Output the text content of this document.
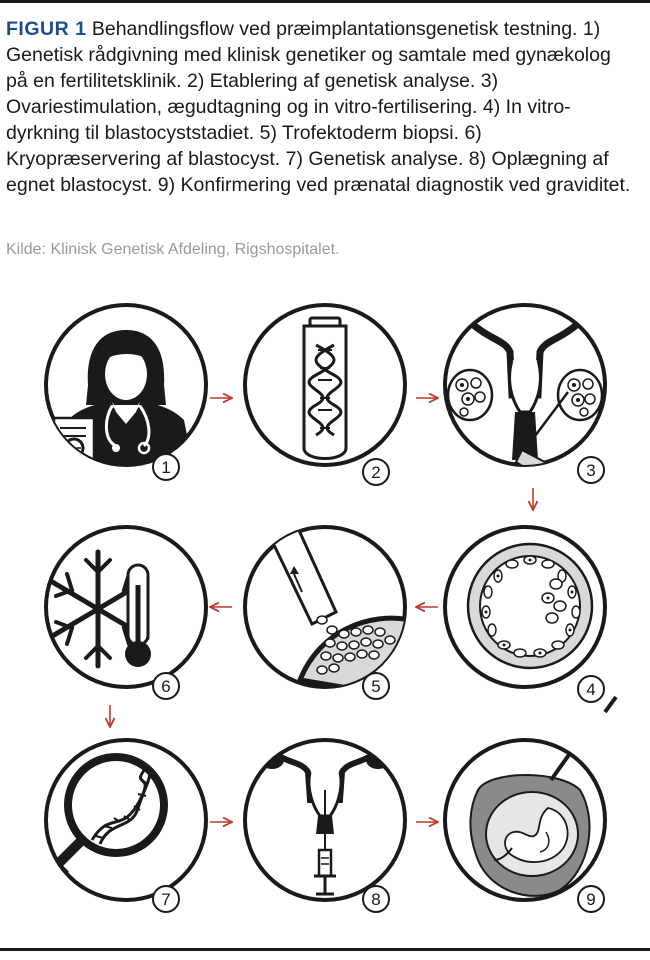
FIGUR 1 Behandlingsflow ved præimplantationsgenetisk testning. 1) Genetisk rådgivning med klinisk genetiker og samtale med gynækolog på en fertilitetsklinik. 2) Etablering af genetisk analyse. 3) Ovariestimulation, ægudtagning og in vitro-fertilisering. 4) In vitro-dyrkning til blastocyststadiet. 5) Trofektoderm biopsi. 6) Kryopræservering af blastocyst. 7) Genetisk analyse. 8) Oplægning af egnet blastocyst. 9) Konfirmering ved prænatal diagnostik ved graviditet.
Kilde: Klinisk Genetisk Afdeling, Rigshospitalet.
1	2	3
4
5
6
7	8	9
